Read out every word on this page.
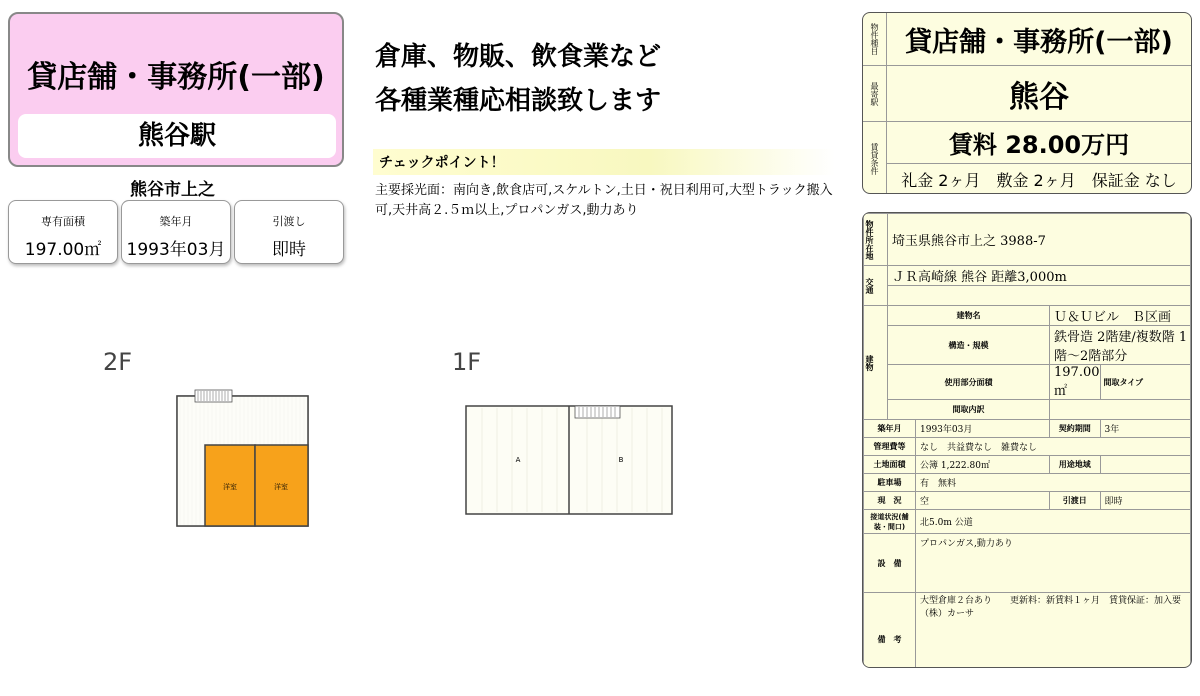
貸店舗・事務所(一部)
熊谷駅
熊谷市上之
専有面積
197.00㎡
築年月
1993年03月
引渡し
即時
倉庫、物販、飲食業など
各種業種応相談致します
チェックポイント！
主要採光面：南向き,飲食店可,スケルトン,土日・祝日利用可,大型トラック搬入可,天井高２.５ｍ以上,プロパンガス,動力あり
2F	1F
洋室	洋室
A	B
物件種目 貸店舗・事務所(一部)
最寄駅	熊谷
賃貸条件	賃料 28.00万円
礼金 2ヶ月　敷金 2ヶ月　保証金 なし
物件所在地	埼玉県熊谷市上之 3988-7			

交通	ＪＲ高崎線 熊谷 距離3,000m			

建物	建物名		Ｕ＆Ｕビル　Ｂ区画	
	構造・規模		鉄骨造 2階建/複数階 1階～2階部分	
	使用部分面積		197.00㎡	間取タイプ
	間取内訳			
築年月		1993年03月	契約期間	3年
管理費等		なし　共益費なし　雑費なし		
土地面積		公簿 1,222.80㎡	用途地域	
駐車場		有　無料		
現　況		空	引渡日	即時
接道状況(舗装・間口)		北5.0m 公道		
設　備		プロパンガス,動力あり		
備　考		大型倉庫２台あり　　更新料：新賃料１ヶ月　賃貸保証：加入要（株）カーサ		
